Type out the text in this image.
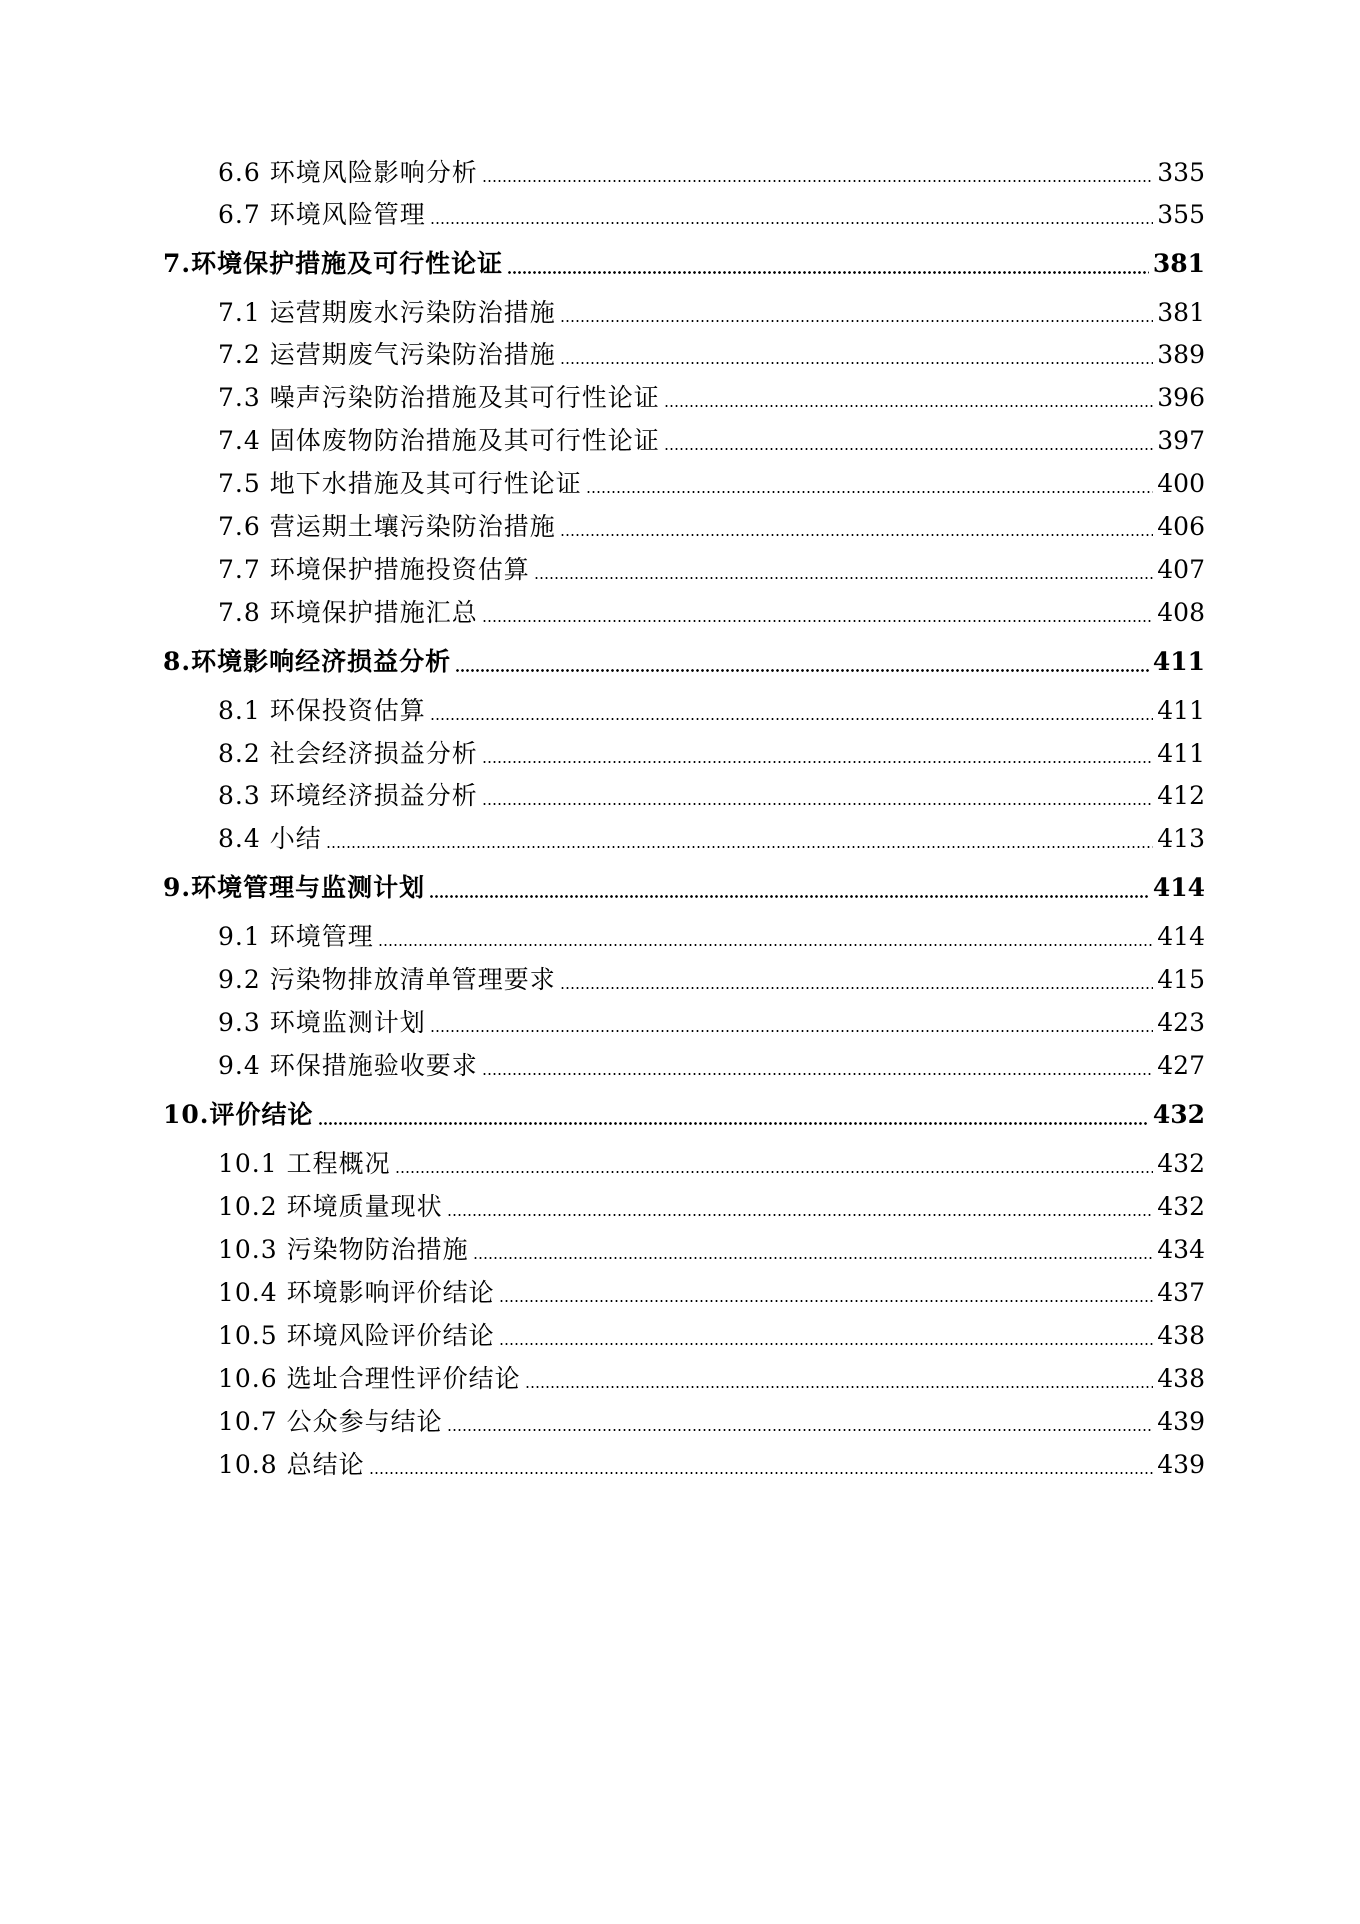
6.6 环境风险影响分析	335
6.7 环境风险管理	355
7.环境保护措施及可行性论证	381
7.1 运营期废水污染防治措施	381
7.2 运营期废气污染防治措施	389
7.3 噪声污染防治措施及其可行性论证	396
7.4 固体废物防治措施及其可行性论证	397
7.5 地下水措施及其可行性论证	400
7.6 营运期土壤污染防治措施	406
7.7 环境保护措施投资估算	407
7.8 环境保护措施汇总	408
8.环境影响经济损益分析	411
8.1 环保投资估算	411
8.2 社会经济损益分析	411
8.3 环境经济损益分析	412
8.4 小结	413
9.环境管理与监测计划	414
9.1 环境管理	414
9.2 污染物排放清单管理要求	415
9.3 环境监测计划	423
9.4 环保措施验收要求	427
10.评价结论	432
10.1 工程概况	432
10.2 环境质量现状	432
10.3 污染物防治措施	434
10.4 环境影响评价结论	437
10.5 环境风险评价结论	438
10.6 选址合理性评价结论	438
10.7 公众参与结论	439
10.8 总结论	439
